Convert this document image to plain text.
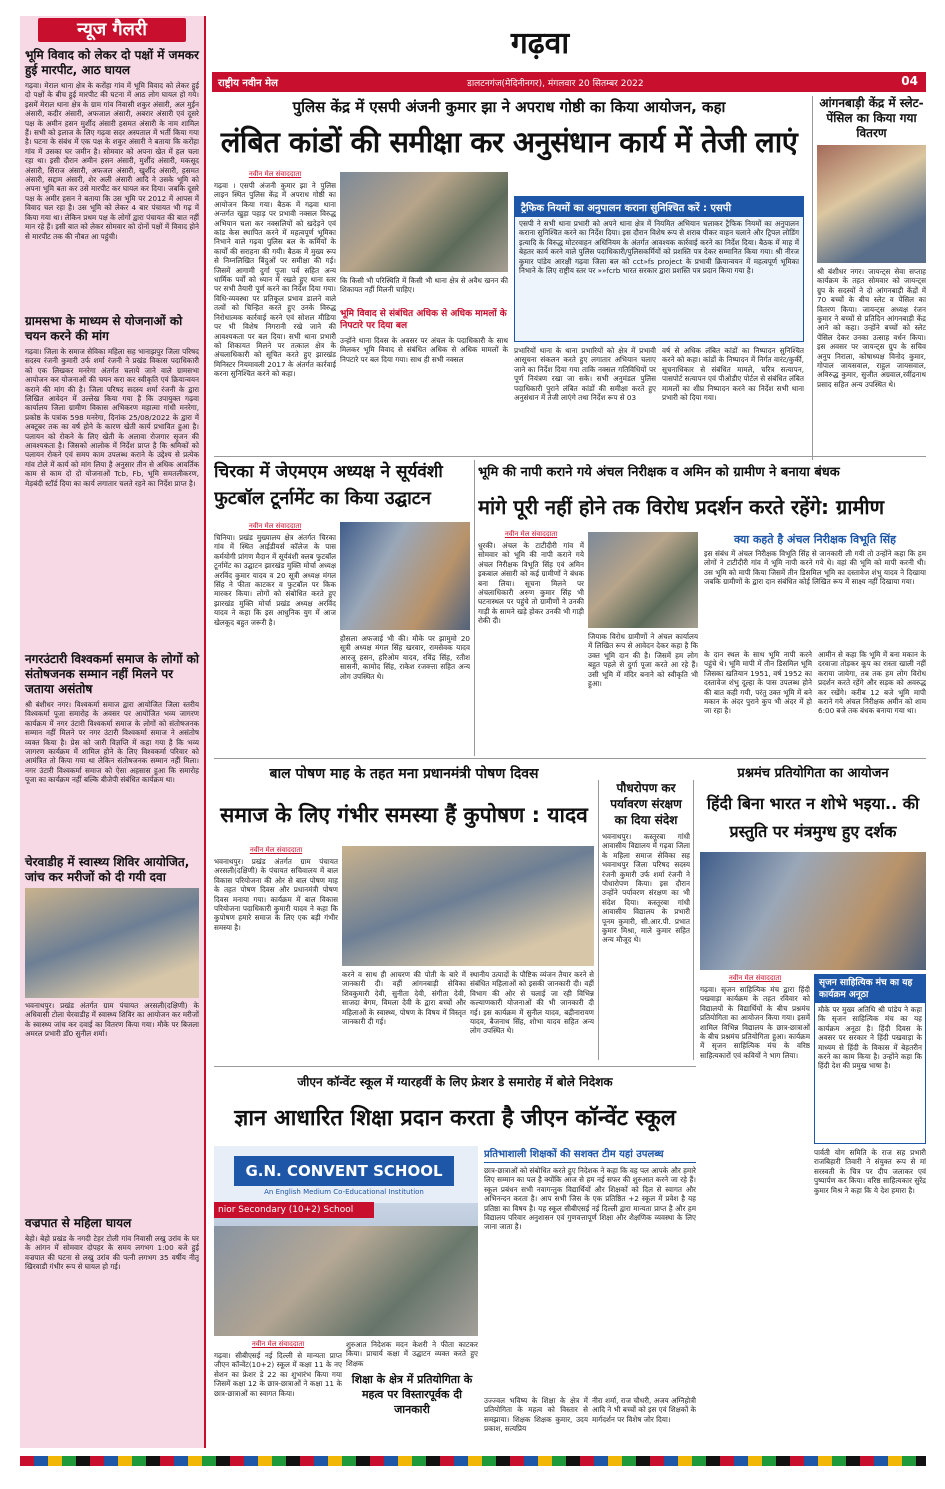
गढ़वा
राष्ट्रीय नवीन मेल	डालटनगंज(मेदिनीनगर), मंगलवार 20 सितम्बर 2022	04
न्यूज गैलरी
भूमि विवाद को लेकर दो पक्षों में जमकर हुई मारपीट, आठ घायल
गढ़वा। मेराल थाना क्षेत्र के करोंहा गांव में भूमि विवाद को लेकर हुई दो पक्षों के बीच हुई मारपीट की घटना में आठ लोग घायल हो गये। इसमें मेराल थाना क्षेत्र के ग्राम गांव निवासी शकुर अंसारी, अल मुईन अंसारी, कदीर अंसारी, अफजाल अंसारी, अबरार अंसारी एवं दूसरे पक्ष के अमीन हसन मुर्शीद अंसारी हसमत अंसारी के नाम शामिल हैं। सभी को इलाज के लिए गढ़वा सदर अस्पताल में भर्ती किया गया है। घटना के संबंध में एक पक्ष के शकुर अंसारी ने बताया कि करोंहा गांव में उसका घर जमीन है। सोमवार को अपना खेत में हल चला रहा था। इसी दौरान अमीन हसन अंसारी, मुर्शीद अंसारी, मकसूद अंसारी, सिराज अंसारी, अफजल अंसारी, खुर्शीद अंसारी, हसमत अंसारी, सद्दाम अंसारी, शेर अली अंसारी आदि ने उसके भूमि को अपना भूमि बता कर उसे मारपीट कर घायल कर दिया। जबकि दूसरे पक्ष के अमीर हसन ने बताया कि उस भूमि पर 2012 में आपस में विवाद चल रहा है। उस भूमि को लेकर 4 बार पंचायत भी गढ़ में किया गया था। लेकिन प्रथम पक्ष के लोगों द्वारा पंचायत की बात नहीं मान रहे हैं। इसी बात को लेकर सोमवार को दोनों पक्षों में विवाद होने से मारपीट तक की नौबत आ पहुंची।
ग्रामसभा के माध्यम से योजनाओं को चयन करने की मांग
गढ़वा। जिला के समाज सेविका महिला सह भानाझपुर जिला परिषद सदस्य रंजनी कुमारी उर्फ शर्मा रंजनी ने प्रखंड विकास पदाधिकारी को एक लिखकर मनरेगा अंतर्गत चलाये जाने वाले ग्रामसभा आयोजन कर योजनाओं की चयन करा कर स्वीकृति एवं क्रियान्वयन कराने की मांग की है। जिला परिषद सदस्य शर्मा रंजनी के द्वारा लिखित आवेदन में उल्लेख किया गया है कि उपायुक्त गढ़वा कार्यालय जिला ग्रामीण विकास अभिकरण महात्मा गांधी मनरेगा, प्रकोष्ठ के पत्रांक 598 मनरेगा, दिनांक 25/08/2022 के द्वारा में अक्टूबर तक का वर्ष होने के कारण खेती कार्य प्रभावित हुआ है। पलायन को रोकने के लिए खेती के अलावा रोजगार सृजन की आवश्यकता है। जिसको आलोक में निर्देश प्राप्त है कि श्रमिकों को पलायन रोकने एवं समय काम उपलब्ध कराने के उद्देश्य से प्रत्येक गांव टोले में कार्य को मांग लिया है अनुसार तीन से अधिक आवर्तिक काम से काम दो दो योजनाओं Tcb, Fb, भूमि समतलीकरण, मेड़बंदी स्टॉर्ड दिया का कार्य लगातार चलते रहने का निर्देश प्राप्त है।
नगरउंटारी विश्वकर्मा समाज के लोगों को संतोषजनक सम्मान नहीं मिलने पर जताया असंतोष
श्री बंशीधर नगर। विश्वकर्मा समाज द्वारा आयोजित जिला स्तरीय विश्वकर्मा पूजा समारोह के अवसर पर आयोजित भव्य जागरण कार्यक्रम में नगर उंटारी विश्वकर्मा समाज के लोगों को संतोषजनक सम्मान नहीं मिलने पर नगर उंटारी विश्वकर्मा समाज ने असंतोष व्यक्त किया है। प्रेस को जारी विज्ञप्ति में कहा गया है कि भव्य जागरण कार्यक्रम में शामिल होने के लिए विश्वकर्मा परिवार को आमंत्रित तो किया गया था लेकिन संतोषजनक सम्मान नहीं मिला। नगर उंटारी विश्वकर्मा समाज को ऐसा अहसास हुआ कि समारोह पूजा का कार्यक्रम नहीं बल्कि बीजेपी संबंधित कार्यक्रम था।
चेरवाडीह में स्वास्थ्य शिविर आयोजित, जांच कर मरीजों को दी गयी दवा
भवनाथपुर। प्रखंड अंतर्गत ग्राम पंचायत अरसली(दक्षिणी) के अधिवासी टोला चेरवाडीह में स्वास्थ्य शिविर का आयोजन कर मरीजों के स्वास्थ्य जांच कर दवाई का वितरण किया गया। मौके पर बिजला अमरल प्रभारी डॉ0 सुनील शर्मा।
वज्रपात से महिला घायल
बेहो। बेहो प्रखंड के नगदी टेहर टोली गांव निवासी लखु उरांव के घर के आंगन में सोमवार दोपहर के समय लगभग 1:00 बजे हुई वज्रपात की घटना से लखु उरांव की पत्नी लगभग 35 वर्षीय नीतू खिरवाडी गंभीर रूप से घायल हो गई।
पुलिस केंद्र में एसपी अंजनी कुमार झा ने अपराध गोष्ठी का किया आयोजन, कहा
लंबित कांडों की समीक्षा कर अनुसंधान कार्य में तेजी लाएं
नवीन मेल संवाददाता
गढ़वा । एसपी अंजनी कुमार झा ने पुलिस लाइन स्थित पुलिस केंद्र में अपराध गोष्ठी का आयोजन किया गया। बैठक में गढ़वा थाना अन्तर्गत खुड़ा पहाड़ पर प्रभावी नक्सल विरुद्ध अभियान चला कर नक्सलियों को खदेड़ने एवं कांड केस स्थापित करने में महत्वपूर्ण भूमिका निभाने वाले गढ़वा पुलिस बल के कर्मियों के कार्यों की सराहना की गयी। बैठक में मुख्य रूप से निम्नलिखित बिंदुओं पर समीक्षा की गई। जिसमें आगामी दुर्गा पूजा पर्व सहित अन्य धार्मिक पर्वों को ध्यान में रखते हुए थाना स्तर पर सभी तैयारी पूर्ण करने का निर्देश दिया गया। विधि-व्यवस्था पर प्रतिकूल प्रभाव डालने वाले तत्वों को चिन्हित करते हुए उनके विरुद्ध निरोधात्मक कार्रवाई करने एवं सोशल मीडिया पर भी विशेष निगरानी रखे जाने की आवश्यकता पर बल दिया। सभी थाना प्रभारी को शिकायत मिलने पर तत्काल क्षेत्र के अंचलाधिकारी को सूचित करते हुए झारखंड मिनिस्टर नियमावली 2017 के अंतर्गत कार्रवाई करना सुनिश्चित करने को कहा।
कि किसी भी परिस्थिति में किसी भी थाना क्षेत्र से अवैध खनन की शिकायत नहीं मिलनी चाहिए।
भूमि विवाद से संबंधित अधिक से अधिक मामलों के निपटारे पर दिया बल
उन्होंने थाना दिवस के अवसर पर अंचल के पदाधिकारी के साथ मिलकर भूमि विवाद से संबंधित अधिक से अधिक मामलों के निपटारे पर बल दिया गया। साथ ही सभी नक्सल
ट्रैफिक नियमों का अनुपालन कराना सुनिश्चित करें : एसपी
एसपी ने सभी थाना प्रभारी को अपने थाना क्षेत्र में नियमित अभियान चलाकर ट्रैफिक नियमों का अनुपालन कराना सुनिश्चित करने का निर्देश दिया। इस दौरान विशेष रूप से शराब पीकर वाहन चलाने और ट्रिपल लोडिंग इत्यादि के विरुद्ध मोटरवाहन अधिनियम के अंतर्गत आवश्यक कार्रवाई करने का निर्देश दिया। बैठक में माह में बेहतर कार्य करने वाले पुलिस पदाधिकारी/पुलिसकर्मियों को प्रशस्ति पत्र देकर सम्मानित किया गया। श्री नीरज कुमार पांडेय आरक्षी गढ़वा जिला बल को cct»fs project के प्रभावी क्रियान्वयन में महत्वपूर्ण भूमिका निभाने के लिए राष्ट्रीय स्तर पर »»fcrb भारत सरकार द्वारा प्रशस्ति पत्र प्रदान किया गया है।
प्रभारियों थाना के थाना प्रभारियों को क्षेत्र में प्रभावी आसूचना संकलन करते हुए लगातार अभियान चलाए जाने का निर्देश दिया गया ताकि नक्सल गतिविधियों पर पूर्ण नियंत्रण रखा जा सके। सभी अनुमंडल पुलिस पदाधिकारी पुराने लंबित कांडों की समीक्षा करते हुए अनुसंधान में तेजी लाएंगे तथा निर्देश रूप से 03
वर्ष से अधिक लंबित कांडों का निष्पादन सुनिश्चित करने को कहा। कांडों के निष्पादन में निर्गत वारंट/कुर्की, सूचनाधिकार से संबंधित मामले, चरित्र सत्यापन, पासपोर्ट सत्यापन एवं पीओडीए पोर्टल से संबंधित लंबित मामलों का शीघ्र निष्पादन करने का निर्देश सभी थाना प्रभारी को दिया गया।
आंगनबाड़ी केंद्र में स्लेट-पेंसिल का किया गया वितरण
श्री बंशीधर नगर। जायन्ट्स सेवा सप्ताह कार्यक्रम के तहत सोमवार को जायन्ट्स ग्रुप के सदस्यों ने दो आंगनबाड़ी केंद्रों में 70 बच्चों के बीच स्लेट व पेंसिल का वितरण किया। जायन्ट्स अध्यक्ष रंजन कुमार ने बच्चों से प्रतिदिन आंगनबाड़ी केंद्र आने को कहा। उन्होंने बच्चों को स्लेट पेंसिल देकर उनका उत्साह वर्धन किया। इस अवसर पर जायन्ट्स ग्रुप के सचिव अनुप निराला, कोषाध्यक्ष विनोद कुमार, गोपाल जायसवाल, राहुल जायसवाल, अविरुद्ध कुमार, सुजीत अग्रवाल,रवींद्रनाथ प्रसाद सहित अन्य उपस्थित थे।
चिरका में जेएमएम अध्यक्ष ने सूर्यवंशी
फुटबॉल टूर्नामेंट का किया उद्घाटन
नवीन मेल संवाददाता
चिनिया। प्रखंड मुख्यालय क्षेत्र अंतर्गत चिरका गांव में स्थित आईडीयर्स कॉलेज के पास कर्मयोगी प्रांगण मैदान में सूर्यवंशी क्लब फुटबॉल टूर्नामेंट का उद्घाटन झारखंड मुक्ति मोर्चा अध्यक्ष अरविंद कुमार यादव व 20 सूत्री अध्यक्ष मंगल सिंह ने फीता काटकर व फुटबॉल पर किक मारकर किया। लोगों को संबोधित करते हुए झारखंड मुक्ति मोर्चा प्रखंड अध्यक्ष अरविंद यादव ने कहा कि इस आधुनिक युग में आज खेलकूद बहुत जरूरी है।
हौसला अफजाई भी की। मौके पर झामुमो 20 सूत्री अध्यक्ष मंगल सिंह खरवार, रामसेवक यादव आरजू हसन, हरिओम यादव, रविंद्र सिंह, रतीश सासनी, कामोद सिंह, राकेश रजक्त्ता सहित अन्य लोग उपस्थित थे।
भूमि की नापी कराने गये अंचल निरीक्षक व अमिन को ग्रामीण ने बनाया बंधक
मांगे पूरी नहीं होने तक विरोध प्रदर्शन करते रहेंगे: ग्रामीण
नवीन मेल संवाददाता
धुरकी। अंचल के टाटीदीरी गांव में सोमवार को भूमि की नापी कराने गये अंचल निरीक्षक विभूति सिंह एवं अमिन इकबाल अंसारी को कई ग्रामीणों ने बंधक बना लिया। सूचना मिलने पर अंचलाधिकारी अरुण कुमार सिंह भी घटनास्थल पर पहुंचे तो ग्रामीणों ने उनकी गाड़ी के सामने खड़े होकर उनकी भी गाड़ी रोकी दी।
जियाक विरोध ग्रामीणों ने अंचल कार्यालय में लिखित रूप से आवेदन देकर कहा है कि उक्त भूमि दान की है। जिसमें हम लोग बहुत पहले से दुर्गा पूजा करते आ रहे हैं। उसी भूमि में मंदिर बनाने को स्वीकृति भी हुआ।
क्या कहते है अंचल निरीक्षक विभूति सिंह
इस संबंध में अंचल निरीक्षक विभूति सिंह से जानकारी ली गयी तो उन्होंने कहा कि हम लोगों ने टाटीदीरी गांव में भूमि नापी करने गये थे। वहां की भूमि को मापी करनी थी। उस भूमि को मापी किया जिसमें तीन डिसमिल भूमि का दस्तावेज शंभु यादव ने दिखाया जबकि ग्रामीणों के द्वारा दान संबंधित कोई लिखित रूप में साक्ष्य नहीं दिखाया गया।
के दान स्थल के साथ भूमि नापी करने पहुंचे थे। भूमि मापी में तीन डिसमिल भूमि जिसका खतियान 1951, वर्ष 1952 का दस्तावेज शंभु दूल्हा के पास उपलब्ध होने की बात कही गयी, परंतु उक्त भूमि में बने मकान के अंदर पुराने कुप भी अंदर में हो जा रहा है।
आमीन से कहा कि भूमि में बना मकान के दरवाजा तोड़कर कूप का रास्ता खाली नहीं कराया जायेगा, तब तक हम लोग विरोध प्रदर्शन करते रहेंगे और सड़क को अवरुद्ध कर रखेंगे। करीब 12 बजे भूमि मापी कराने गये अंचल निरीक्षक अमीन को शाम 6:00 बजे तक बंधक बनाया गया था।
बाल पोषण माह के तहत मना प्रधानमंत्री पोषण दिवस
समाज के लिए गंभीर समस्या हैं कुपोषण : यादव
नवीन मेल संवाददाता
भवनाथपुर। प्रखंड अंतर्गत ग्राम पंचायत अरसली(दक्षिणी) के पंचायत सचिवालय में बाल विकास परियोजना की ओर से बाल पोषण माह के तहत पोषण दिवस और प्रधानमंत्री पोषण दिवस मनाया गया। कार्यक्रम में बाल विकास परियोजना पदाधिकारी कुमारी यादव ने कहा कि कुपोषण हमारे समाज के लिए एक बड़ी गंभीर समस्या है।
करने व साथ ही आचरण की पोती के बारे में जानकारी दी। वहीं आंगनबाड़ी सेविका शिवकुमारी देवी, सुनीता देवी, संगीता देवी, साजदा बेगम, विमला देवी के द्वारा बच्चों और महिलाओं के स्वास्थ्य, पोषण के विषय में विस्तृत जानकारी दी गई।
स्थानीय उत्पादों के पौष्टिक व्यंजन तैयार करने से संबंधित महिलाओं को इसकी जानकारी दी। वहीं विभाग की ओर से चलाई जा रही विभिन्न कल्याणकारी योजनाओं की भी जानकारी दी गई। इस कार्यक्रम में सुनील यादव, बद्रीनारायण यादव, बैजनाथ सिंह, शोभा यादव सहित अन्य लोग उपस्थित थे।
पौधरोपण कर पर्यावरण संरक्षण का दिया संदेश
भवनाथपुर। कस्तूरबा गांधी आवासीय विद्यालय में गढ़वा जिला के महिला समाज सेविका सह भवनाथपुर जिला परिषद सदस्य रंजनी कुमारी उर्फ शर्मा रंजनी ने पौधारोपण किया। इस दौरान उन्होंने पर्यावरण संरक्षण का भी संदेश दिया। कस्तूरबा गांधी आवासीय विद्यालय के प्रभारी पूनम कुमारी, सी.आर.पी. प्रभात कुमार मिश्रा, माले कुमार सहित अन्य मौजूद थे।
प्रश्नमंच प्रतियोगिता का आयोजन
हिंदी बिना भारत न शोभे भइया.. की प्रस्तुति पर मंत्रमुग्ध हुए दर्शक
नवीन मेल संवाददाता
गढ़वा। सृजन साहित्यिक मंच द्वारा हिंदी पखवाड़ा कार्यक्रम के तहत रविवार को विद्यालयों के विद्यार्थियों के बीच प्रश्नमंच प्रतियोगिता का आयोजन किया गया। इसमें शामिल विभिन्न विद्यालय के छात्र-छात्राओं के बीच प्रश्नमंच प्रतियोगिता हुआ। कार्यक्रम में सृजन साहित्यिक मंच के वरिष्ठ साहित्यकारों एवं कवियों ने भाग लिया।
सृजन साहित्यिक मंच का यह कार्यक्रम अनूठा
मौके पर मुख्य अतिथि श्री पांडेय ने कहा कि सृजन साहित्यिक मंच का यह कार्यक्रम अनूठा है। हिंदी दिवस के अवसर पर सरकार ने हिंदी पखवाड़ा के माध्यम से हिंदी के विकास में बेहतरीन करने का काम किया है। उन्होंने कहा कि हिंदी देश की प्रमुख भाषा है।
पार्वती योग समिति के राज सह प्रभारी राजबिहारी तिवारी ने संयुक्त रूप से मां सरस्वती के चित्र पर दीप जलाकर एवं पुष्पार्पण कर किया। वरिष्ठ साहित्यकार सुरेंद्र कुमार मिश्र ने कहा कि ये देश हमारा है।
जीएन कॉन्वेंट स्कूल में ग्यारहवीं के लिए फ्रेशर डे समारोह में बोले निदेशक
ज्ञान आधारित शिक्षा प्रदान करता है जीएन कॉन्वेंट स्कूल
G.N. CONVENT SCHOOL
An English Medium Co-Educational Institution
nior Secondary (10+2) School
नवीन मेल संवाददाता
गढ़वा। सीबीएसई नई दिल्ली से मान्यता प्राप्त जीएन कॉन्वेंट(10+2) स्कूल में कक्षा 11 के नए सेशन का फ्रेशर डे 22 का शुभारंभ किया गया जिसमें कक्षा 12 के छात्र-छात्राओं ने कक्षा 11 के छात्र-छात्राओं का स्वागत किया।
शुरुआत निदेशक मदन केशरी ने फीता काटकर किया। प्राचार्य कक्षा में उद्घाटन व्यक्त करते हुए शिक्षक
शिक्षा के क्षेत्र में प्रतियोगिता के महत्व पर विस्तारपूर्वक दी जानकारी
प्रतिभाशाली शिक्षकों की सशक्त टीम यहां उपलब्ध
छात्र-छात्राओं को संबोधित करते हुए निदेशक ने कहा कि वह पल आपके और हमारे लिए सम्मान का पल है क्योंकि आज से हम नई सफर की शुरुआत करने जा रहे हैं। स्कूल प्रबंधन सभी नवागन्तुक विद्यार्थियों और शिक्षकों को दिल से स्वागत और अभिनन्दन करता है। आप सभी जिस के एक प्रतिष्ठित +2 स्कूल में प्रवेश है यह प्रतिष्ठा का विषय है। यह स्कूल सीबीएसई नई दिल्ली द्वारा मान्यता प्राप्त है और हम विद्यालय परिवार अनुशासन एवं गुणवत्तापूर्ण शिक्षा और शैक्षणिक व्यवस्था के लिए जाना जाता है।
उज्ज्वल भविष्य के शिक्षा के क्षेत्र में प्रतियोगिता के महत्व को विस्तार से समझाया। शिक्षक शिक्षक कुमार, उदय प्रकाश, सत्यप्रिय
नीरा शर्मा, राज चौधरी, अजय अग्निहोत्री आदि ने भी बच्चों को इस एवं शिक्षकों के मार्गदर्शन पर विशेष जोर दिया।
